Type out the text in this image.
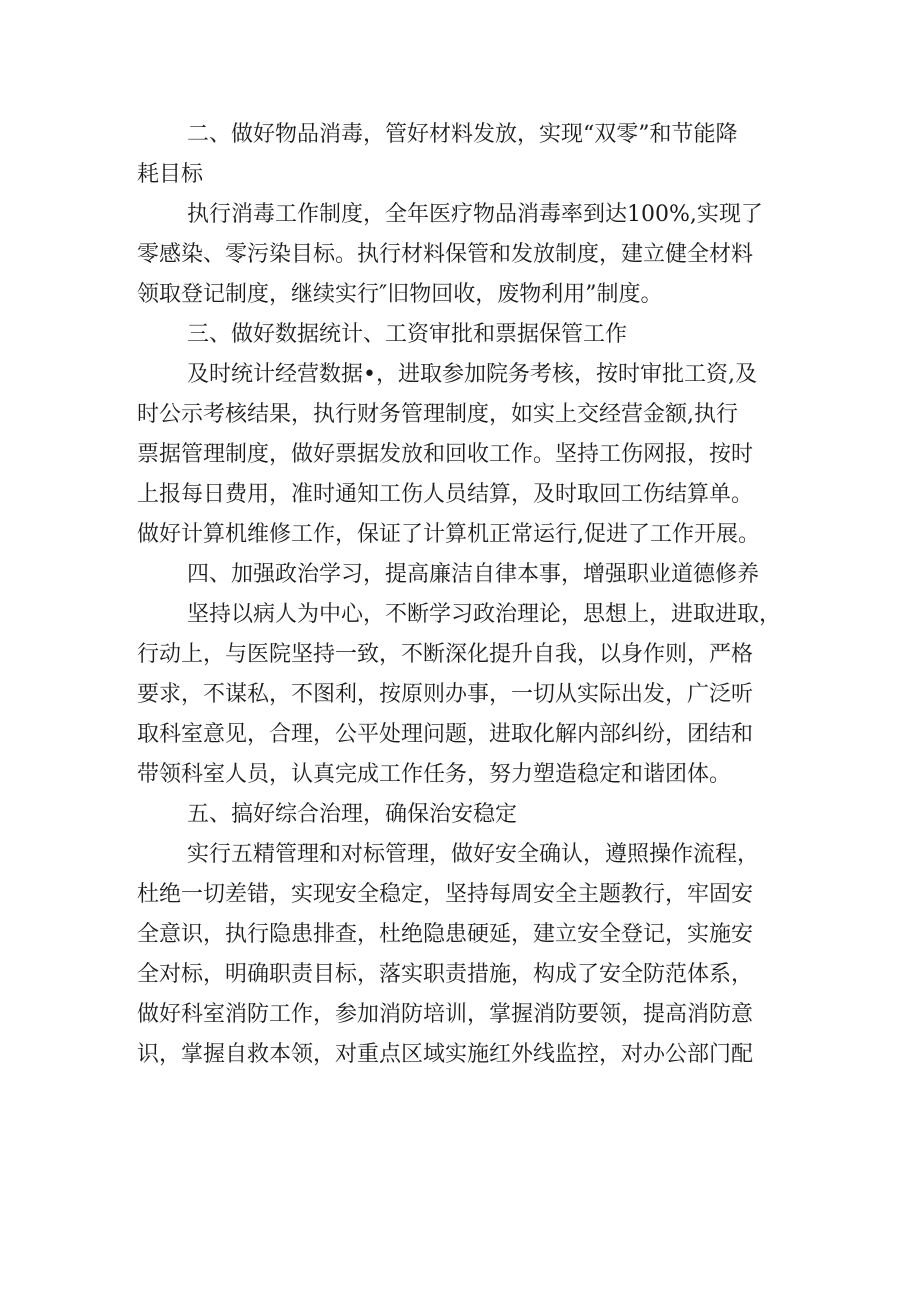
二、做好物品消毒，管好材料发放，实现“双零”和节能降
耗目标

执行消毒工作制度，全年医疗物品消毒率到达100%,实现了
零感染、零污染目标。执行材料保管和发放制度，建立健全材料
领取登记制度，继续实行″旧物回收，废物利用”制度。

三、做好数据统计、工资审批和票据保管工作

及时统计经营数据•，进取参加院务考核，按时审批工资,及
时公示考核结果，执行财务管理制度，如实上交经营金额,执行
票据管理制度，做好票据发放和回收工作。坚持工伤网报，按时
上报每日费用，准时通知工伤人员结算，及时取回工伤结算单。
做好计算机维修工作，保证了计算机正常运行,促进了工作开展。

四、加强政治学习，提高廉洁自律本事，增强职业道德修养

坚持以病人为中心，不断学习政治理论，思想上，进取进取，
行动上，与医院坚持一致，不断深化提升自我，以身作则，严格
要求，不谋私，不图利，按原则办事，一切从实际出发，广泛听
取科室意见，合理，公平处理问题，进取化解内部纠纷，团结和
带领科室人员，认真完成工作任务，努力塑造稳定和谐团体。

五、搞好综合治理，确保治安稳定

实行五精管理和对标管理，做好安全确认，遵照操作流程，
杜绝一切差错，实现安全稳定，坚持每周安全主题教行，牢固安
全意识，执行隐患排查，杜绝隐患硬延，建立安全登记，实施安
全对标，明确职责目标，落实职责措施，构成了安全防范体系，
做好科室消防工作，参加消防培训，掌握消防要领，提高消防意
识，掌握自救本领，对重点区域实施红外线监控，对办公部门配
